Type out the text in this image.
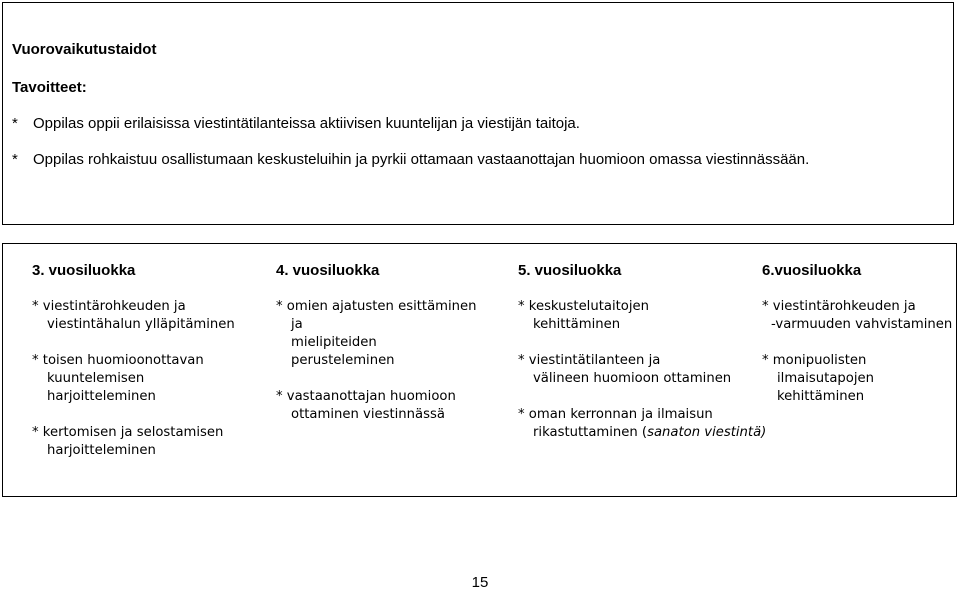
Vuorovaikutustaidot
Tavoitteet:
* Oppilas oppii erilaisissa viestintätilanteissa aktiivisen kuuntelijan ja viestijän taitoja.
* Oppilas rohkaistuu osallistumaan keskusteluihin ja pyrkii ottamaan vastaanottajan huomioon omassa viestinnässään.
3. vuosiluokka
* viestintärohkeuden ja
viestintähalun ylläpitäminen
* toisen huomioonottavan
kuuntelemisen
harjoitteleminen
* kertomisen ja selostamisen
harjoitteleminen
4. vuosiluokka
* omien ajatusten esittäminen
ja
mielipiteiden
perusteleminen
* vastaanottajan huomioon
ottaminen viestinnässä
5. vuosiluokka
* keskustelutaitojen
kehittäminen
* viestintätilanteen ja
välineen huomioon ottaminen
* oman kerronnan ja ilmaisun
rikastuttaminen (sanaton viestintä)
6.vuosiluokka
* viestintärohkeuden ja
-varmuuden vahvistaminen
* monipuolisten
ilmaisutapojen
kehittäminen
15
